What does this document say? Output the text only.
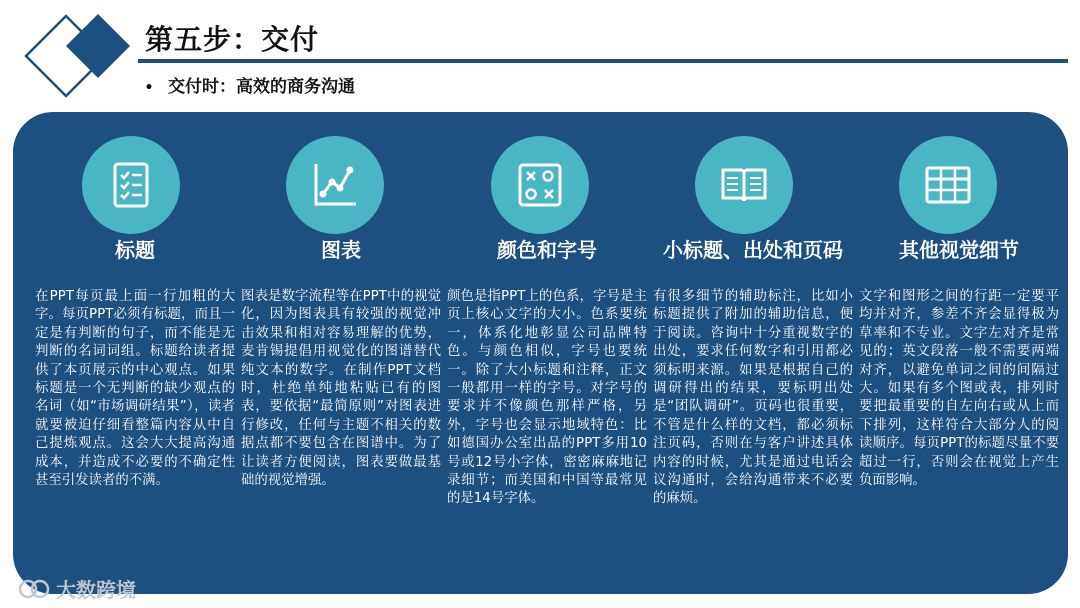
第五步：交付
• 交付时：高效的商务沟通
标题
在PPT每页最上面一行加粗的大字。每页PPT必须有标题，而且一定是有判断的句子，而不能是无判断的名词词组。标题给读者提供了本页展示的中心观点。如果标题是一个无判断的缺少观点的名词（如“市场调研结果”），读者就要被迫仔细看整篇内容从中自己提炼观点。这会大大提高沟通成本，并造成不必要的不确定性甚至引发读者的不满。
图表
图表是数字流程等在PPT中的视觉化，因为图表具有较强的视觉冲击效果和相对容易理解的优势，麦肯锡提倡用视觉化的图谱替代纯文本的数字。在制作PPT文档时，杜绝单纯地粘贴已有的图表，要依据“最简原则”对图表进行修改，任何与主题不相关的数据点都不要包含在图谱中。为了让读者方便阅读，图表要做最基础的视觉增强。
颜色和字号
颜色是指PPT上的色系，字号是主页上核心文字的大小。色系要统一，体系化地彰显公司品牌特色。与颜色相似，字号也要统一。除了大小标题和注释，正文一般都用一样的字号。对字号的要求并不像颜色那样严格，另外，字号也会显示地域特色：比如德国办公室出品的PPT多用10号或12号小字体，密密麻麻地记录细节；而美国和中国等最常见的是14号字体。
小标题、出处和页码
有很多细节的辅助标注，比如小标题提供了附加的辅助信息，便于阅读。咨询中十分重视数字的出处，要求任何数字和引用都必须标明来源。如果是根据自己的调研得出的结果，要标明出处是“团队调研”。页码也很重要，不管是什么样的文档，都必须标注页码，否则在与客户讲述具体内容的时候，尤其是通过电话会议沟通时，会给沟通带来不必要的麻烦。
其他视觉细节
文字和图形之间的行距一定要平均并对齐，参差不齐会显得极为草率和不专业。文字左对齐是常见的；英文段落一般不需要两端对齐，以避免单词之间的间隔过大。如果有多个图或表，排列时要把最重要的自左向右或从上而下排列，这样符合大部分人的阅读顺序。每页PPT的标题尽量不要超过一行，否则会在视觉上产生负面影响。
大数跨境
